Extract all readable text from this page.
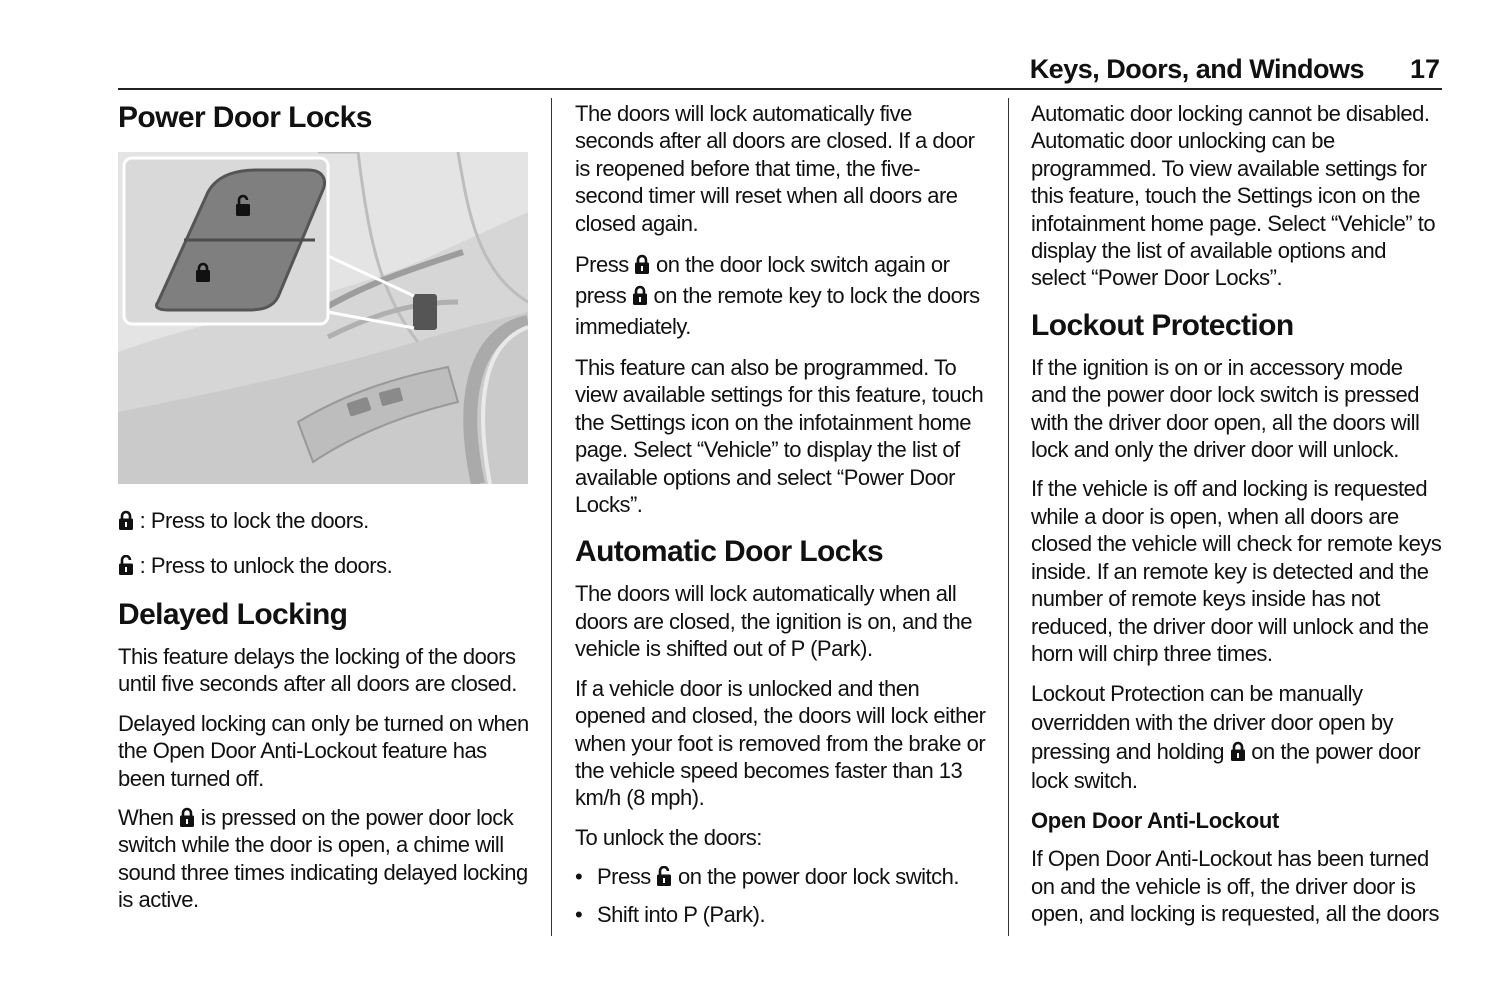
Keys, Doors, and Windows 17
Power Door Locks
: Press to lock the doors.
: Press to unlock the doors.
Delayed Locking

This feature delays the locking of the doors until five seconds after all doors are closed.

Delayed locking can only be turned on when the Open Door Anti-Lockout feature has been turned off.

When is pressed on the power door lock switch while the door is open, a chime will sound three times indicating delayed locking is active.

The doors will lock automatically five seconds after all doors are closed. If a door is reopened before that time, the five-second timer will reset when all doors are closed again.

Press on the door lock switch again or press on the remote key to lock the doors immediately.

This feature can also be programmed. To view available settings for this feature, touch the Settings icon on the infotainment home page. Select “Vehicle” to display the list of available options and select “Power Door Locks”.

Automatic Door Locks

The doors will lock automatically when all doors are closed, the ignition is on, and the vehicle is shifted out of P (Park).

If a vehicle door is unlocked and then opened and closed, the doors will lock either when your foot is removed from the brake or the vehicle speed becomes faster than 13 km/h (8 mph).

To unlock the doors:

• Press on the power door lock switch.
• Shift into P (Park).

Automatic door locking cannot be disabled. Automatic door unlocking can be programmed. To view available settings for this feature, touch the Settings icon on the infotainment home page. Select “Vehicle” to display the list of available options and select “Power Door Locks”.

Lockout Protection

If the ignition is on or in accessory mode and the power door lock switch is pressed with the driver door open, all the doors will lock and only the driver door will unlock.

If the vehicle is off and locking is requested while a door is open, when all doors are closed the vehicle will check for remote keys inside. If an remote key is detected and the number of remote keys inside has not reduced, the driver door will unlock and the horn will chirp three times.

Lockout Protection can be manually overridden with the driver door open by pressing and holding on the power door lock switch.

Open Door Anti-Lockout

If Open Door Anti-Lockout has been turned on and the vehicle is off, the driver door is open, and locking is requested, all the doors
